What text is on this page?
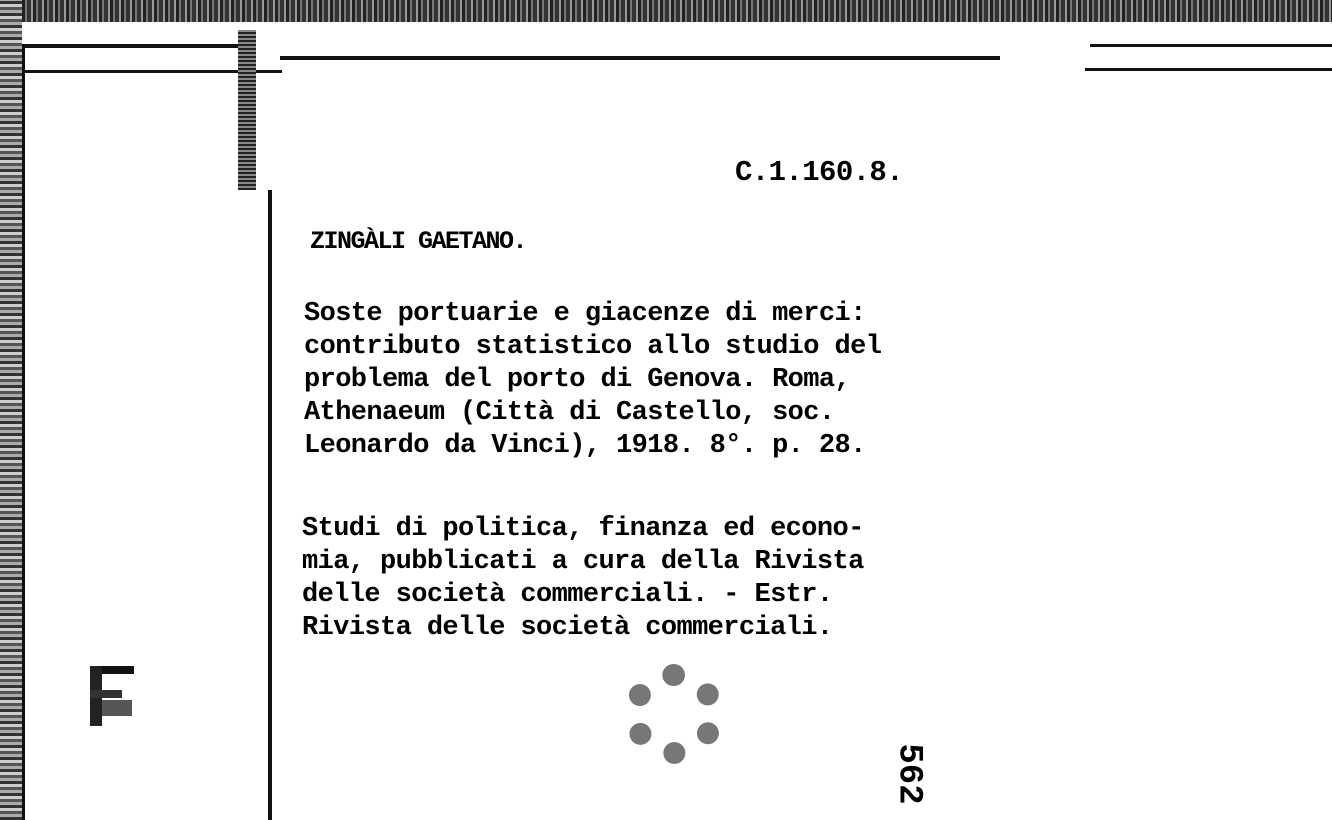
C.1.160.8.
ZINGÀLI GAETANO.
Soste portuarie e giacenze di merci:
contributo statistico allo studio del
problema del porto di Genova. Roma,
Athenaeum (Città di Castello, soc.
Leonardo da Vinci), 1918. 8°. p. 28.
Studi di politica, finanza ed econo-
mia, pubblicati a cura della Rivista
delle società commerciali. - Estr.
Rivista delle società commerciali.
562
